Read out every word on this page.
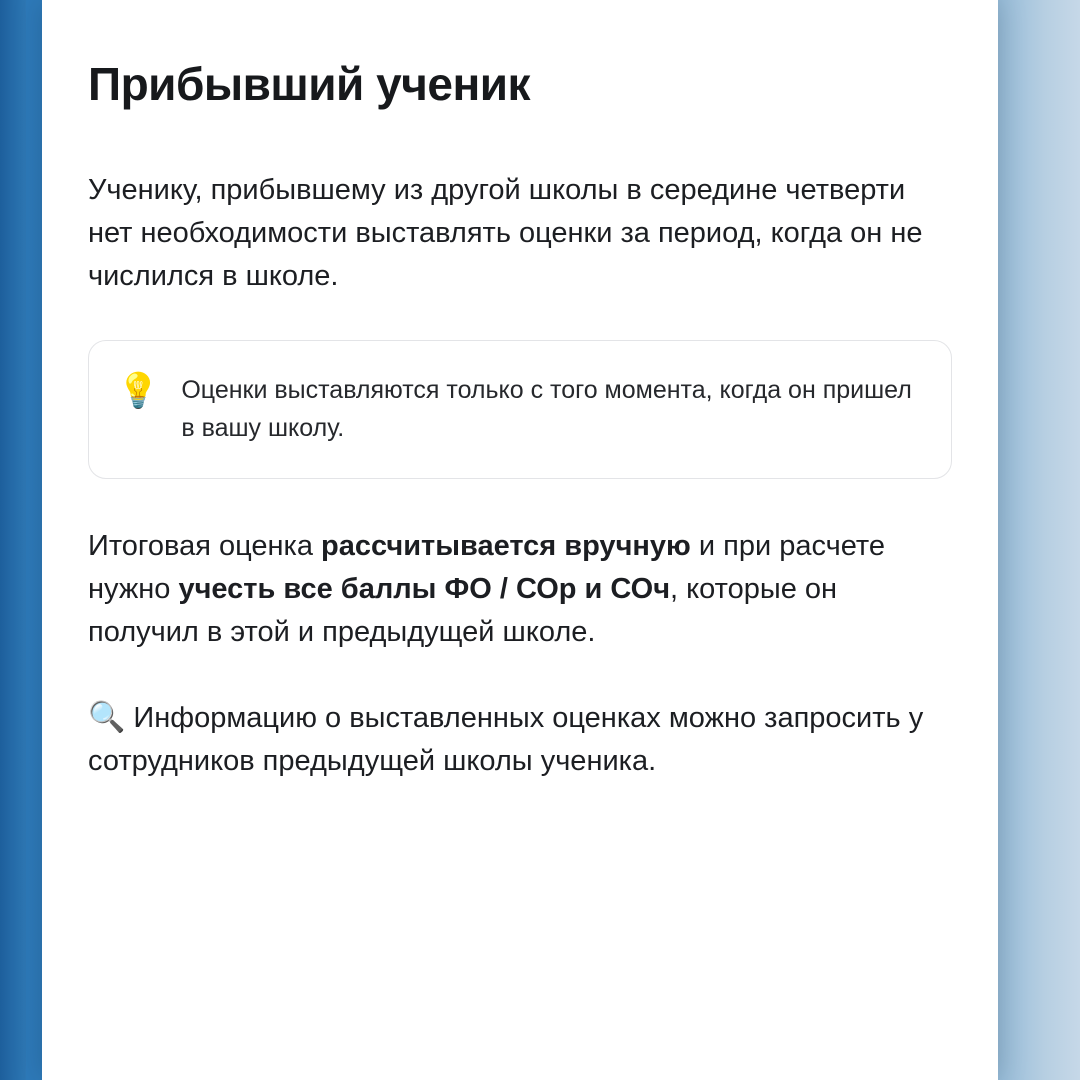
Прибывший ученик

Ученику, прибывшему из другой школы в середине четверти нет необходимости выставлять оценки за период, когда он не числился в школе.

💡 Оценки выставляются только с того момента, когда он пришел в вашу школу.

Итоговая оценка рассчитывается вручную и при расчете нужно учесть все баллы ФО / СОр и СОч, которые он получил в этой и предыдущей школе.

🔍 Информацию о выставленных оценках можно запросить у сотрудников предыдущей школы ученика.
